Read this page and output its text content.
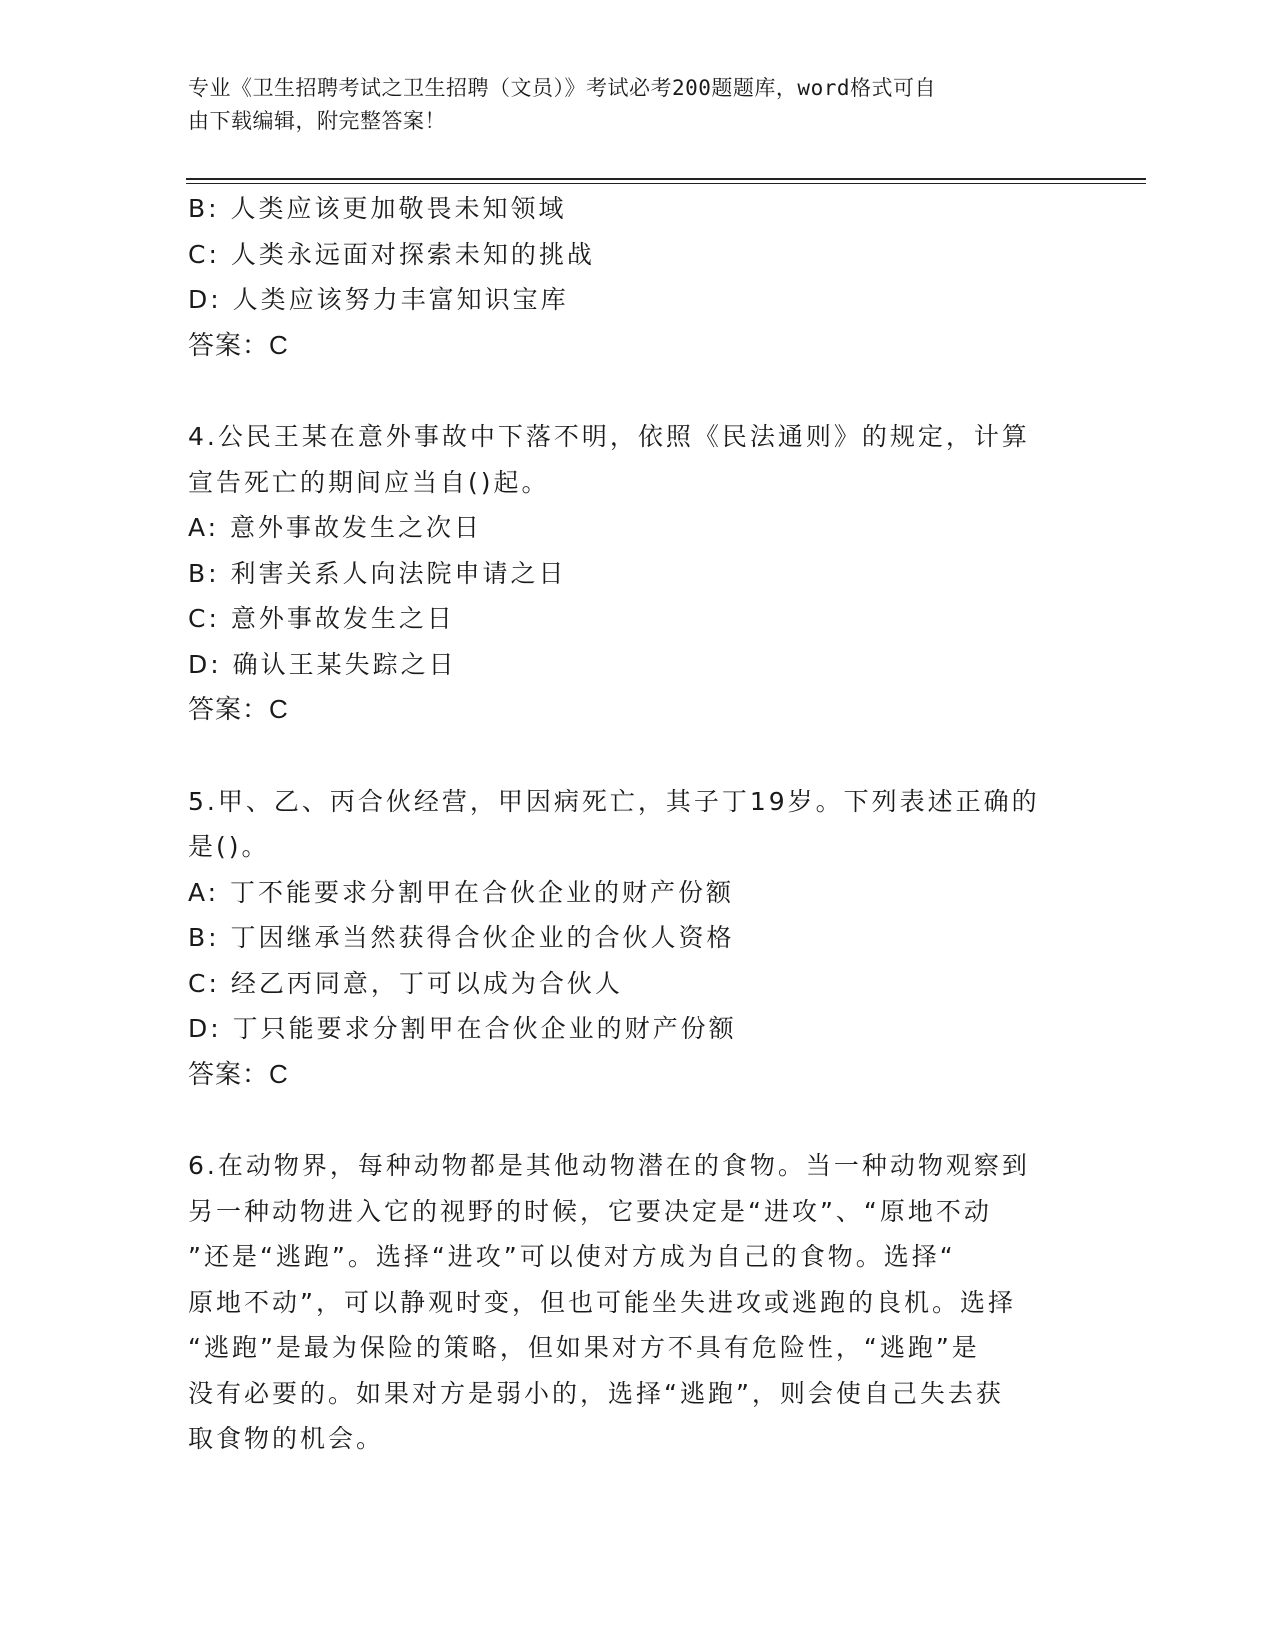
专业《卫生招聘考试之卫生招聘（文员）》考试必考200题题库，word格式可自
由下载编辑，附完整答案！
B: 人类应该更加敬畏未知领域
C: 人类永远面对探索未知的挑战
D: 人类应该努力丰富知识宝库
答案：C
4.公民王某在意外事故中下落不明，依照《民法通则》的规定，计算
宣告死亡的期间应当自()起。
A: 意外事故发生之次日
B: 利害关系人向法院申请之日
C: 意外事故发生之日
D: 确认王某失踪之日
答案：C
5.甲、乙、丙合伙经营，甲因病死亡，其子丁19岁。下列表述正确的
是()。
A: 丁不能要求分割甲在合伙企业的财产份额
B: 丁因继承当然获得合伙企业的合伙人资格
C: 经乙丙同意，丁可以成为合伙人
D: 丁只能要求分割甲在合伙企业的财产份额
答案：C
6.在动物界，每种动物都是其他动物潜在的食物。当一种动物观察到
另一种动物进入它的视野的时候，它要决定是“进攻”、“原地不动
”还是“逃跑”。选择“进攻”可以使对方成为自己的食物。选择“
原地不动”，可以静观时变，但也可能坐失进攻或逃跑的良机。选择
“逃跑”是最为保险的策略，但如果对方不具有危险性，“逃跑”是
没有必要的。如果对方是弱小的，选择“逃跑”，则会使自己失去获
取食物的机会。
